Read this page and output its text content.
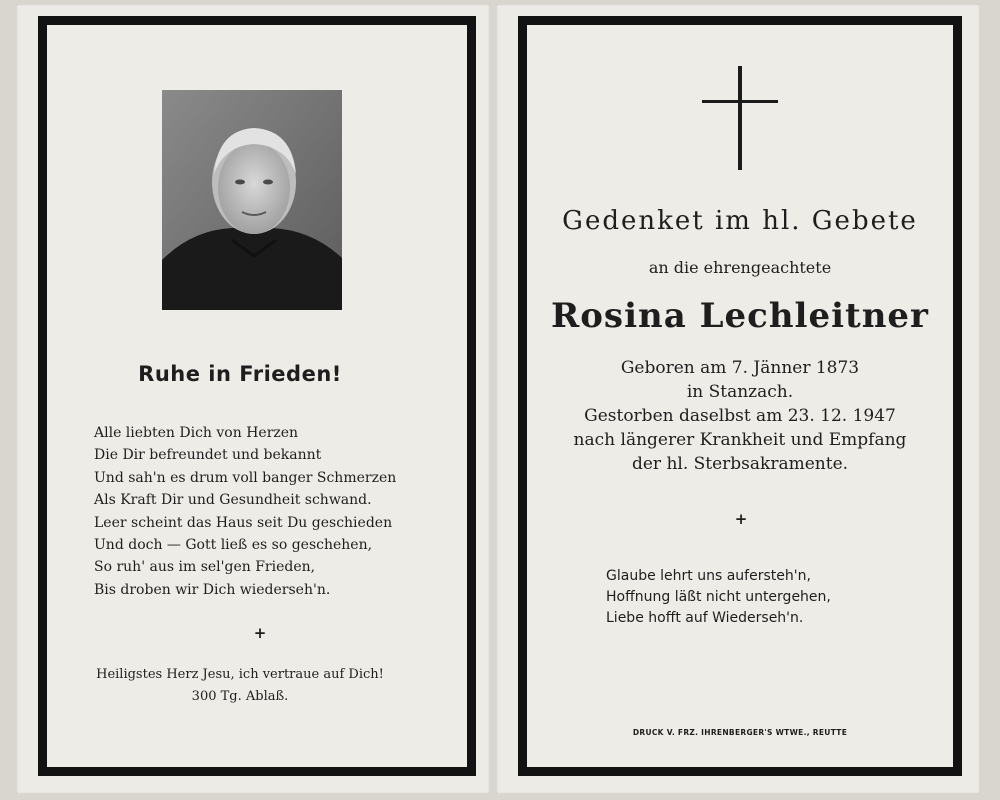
Ruhe in Frieden!
Alle liebten Dich von Herzen
Die Dir befreundet und bekannt
Und sah'n es drum voll banger Schmerzen
Als Kraft Dir und Gesundheit schwand.
Leer scheint das Haus seit Du geschieden
Und doch — Gott ließ es so geschehen,
So ruh' aus im sel'gen Frieden,
Bis droben wir Dich wiederseh'n.
+
Heiligstes Herz Jesu, ich vertraue auf Dich!
300 Tg. Ablaß.
Gedenket im hl. Gebete
an die ehrengeachtete
Rosina Lechleitner
Geboren am 7. Jänner 1873
in Stanzach.
Gestorben daselbst am 23. 12. 1947
nach längerer Krankheit und Empfang
der hl. Sterbsakramente.
+
Glaube lehrt uns aufersteh'n,
Hoffnung läßt nicht untergehen,
Liebe hofft auf Wiederseh'n.
DRUCK V. FRZ. IHRENBERGER'S WTWE., REUTTE
